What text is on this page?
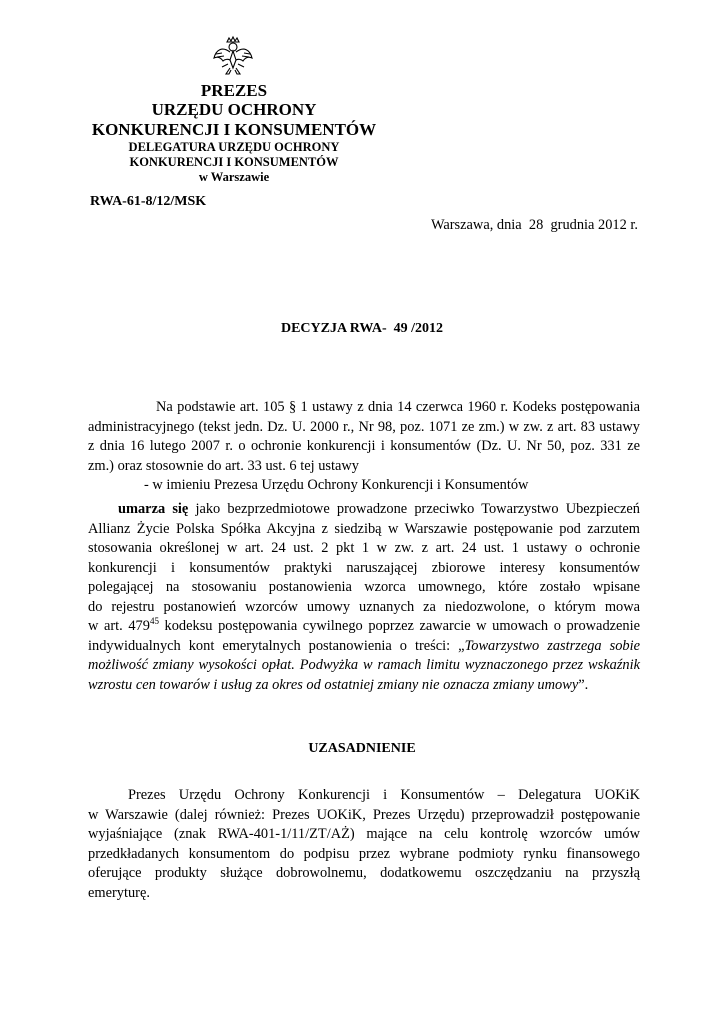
PREZES
URZĘDU OCHRONY
KONKURENCJI I KONSUMENTÓW
DELEGATURA URZĘDU OCHRONY
KONKURENCJI I KONSUMENTÓW
w Warszawie
RWA-61-8/12/MSK
Warszawa, dnia  28  grudnia 2012 r.
DECYZJA RWA-  49 /2012
Na podstawie art. 105 § 1 ustawy z dnia 14 czerwca 1960 r. Kodeks postępowania
administracyjnego (tekst jedn. Dz. U. 2000 r., Nr 98, poz. 1071 ze zm.) w zw. z art. 83 ustawy
z dnia 16 lutego 2007 r. o ochronie konkurencji i konsumentów (Dz. U. Nr 50, poz. 331 ze
zm.) oraz stosownie do art. 33 ust. 6 tej ustawy
- w imieniu Prezesa Urzędu Ochrony Konkurencji i Konsumentów
umarza się jako bezprzedmiotowe prowadzone przeciwko Towarzystwo Ubezpieczeń
Allianz Życie Polska Spółka Akcyjna z siedzibą w Warszawie postępowanie pod zarzutem
stosowania określonej w art. 24 ust. 2 pkt 1 w zw. z art. 24 ust. 1 ustawy o ochronie
konkurencji i konsumentów praktyki naruszającej zbiorowe interesy konsumentów
polegającej na stosowaniu postanowienia wzorca umownego, które zostało wpisane
do rejestru postanowień wzorców umowy uznanych za niedozwolone, o którym mowa
w art. $479^{45}$ kodeksu postępowania cywilnego poprzez zawarcie w umowach o prowadzenie
indywidualnych kont emerytalnych postanowienia o treści: „Towarzystwo zastrzega sobie
możliwość zmiany wysokości opłat. Podwyżka w ramach limitu wyznaczonego przez wskaźnik
wzrostu cen towarów i usług za okres od ostatniej zmiany nie oznacza zmiany umowy”.
UZASADNIENIE
Prezes Urzędu Ochrony Konkurencji i Konsumentów – Delegatura UOKiK
w Warszawie (dalej również: Prezes UOKiK, Prezes Urzędu) przeprowadził postępowanie
wyjaśniające (znak RWA-401-1/11/ZT/AŻ) mające na celu kontrolę wzorców umów
przedkładanych konsumentom do podpisu przez wybrane podmioty rynku finansowego
oferujące produkty służące dobrowolnemu, dodatkowemu oszczędzaniu na przyszłą
emeryturę.
